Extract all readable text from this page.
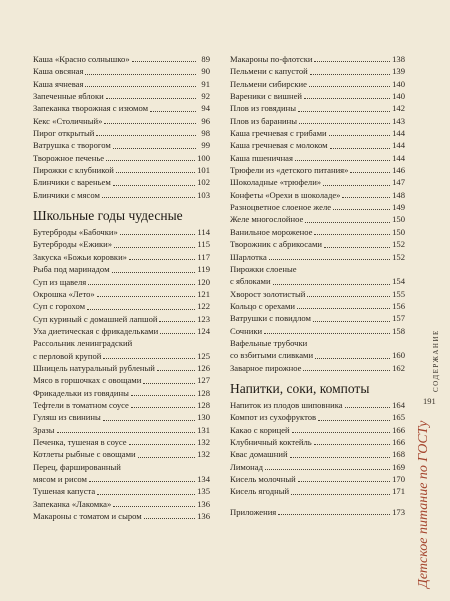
Каша «Красно солнышко»	89
Каша овсяная	90
Каша ячневая	91
Запеченные яблоки	92
Запеканка творожная с изюмом	94
Кекс «Столичный»	96
Пирог открытый	98
Ватрушка с творогом	99
Творожное печенье	100
Пирожки с клубникой	101
Блинчики с вареньем	102
Блинчики с мясом	103
Школьные годы чудесные
Бутерброды «Бабочки»	114
Бутерброды «Ежики»	115
Закуска «Божьи коровки»	117
Рыба под маринадом	119
Суп из щавеля	120
Окрошка «Лето»	121
Суп с горохом	122
Суп куриный с домашней лапшой	123
Уха диетическая с фрикадельками	124
Рассольник ленинградский
с перловой крупой	125
Шницель натуральный рубленый	126
Мясо в горшочках с овощами	127
Фрикадельки из говядины	128
Тефтели в томатном соусе	128
Гуляш из свинины	130
Зразы	131
Печенка, тушеная в соусе	132
Котлеты рыбные с овощами	132
Перец, фаршированный
мясом и рисом	134
Тушеная капуста	135
Запеканка «Лакомка»	136
Макароны с томатом и сыром	136
Макароны по-флотски	138
Пельмени с капустой	139
Пельмени сибирские	140
Вареники с вишней	140
Плов из говядины	142
Плов из баранины	143
Каша гречневая с грибами	144
Каша гречневая с молоком	144
Каша пшеничная	144
Трюфели из «детского питания»	146
Шоколадные «трюфели»	147
Конфеты «Орехи в шоколаде»	148
Разноцветное слоеное желе	149
Желе многослойное	150
Ванильное мороженое	150
Творожник с абрикосами	152
Шарлотка	152
Пирожки слоеные
с яблоками	154
Хворост золотистый	155
Кольцо с орехами	156
Ватрушки с повидлом	157
Сочники	158
Вафельные трубочки
со взбитыми сливками	160
Заварное пирожное	162
Напитки, соки, компоты
Напиток из плодов шиповника	164
Компот из сухофруктов	165
Какао с корицей	166
Клубничный коктейль	166
Квас домашний	168
Лимонад	169
Кисель молочный	170
Кисель ягодный	171
Приложения	173
СОДЕРЖАНИЕ
191
Детское питание по ГОСТу
